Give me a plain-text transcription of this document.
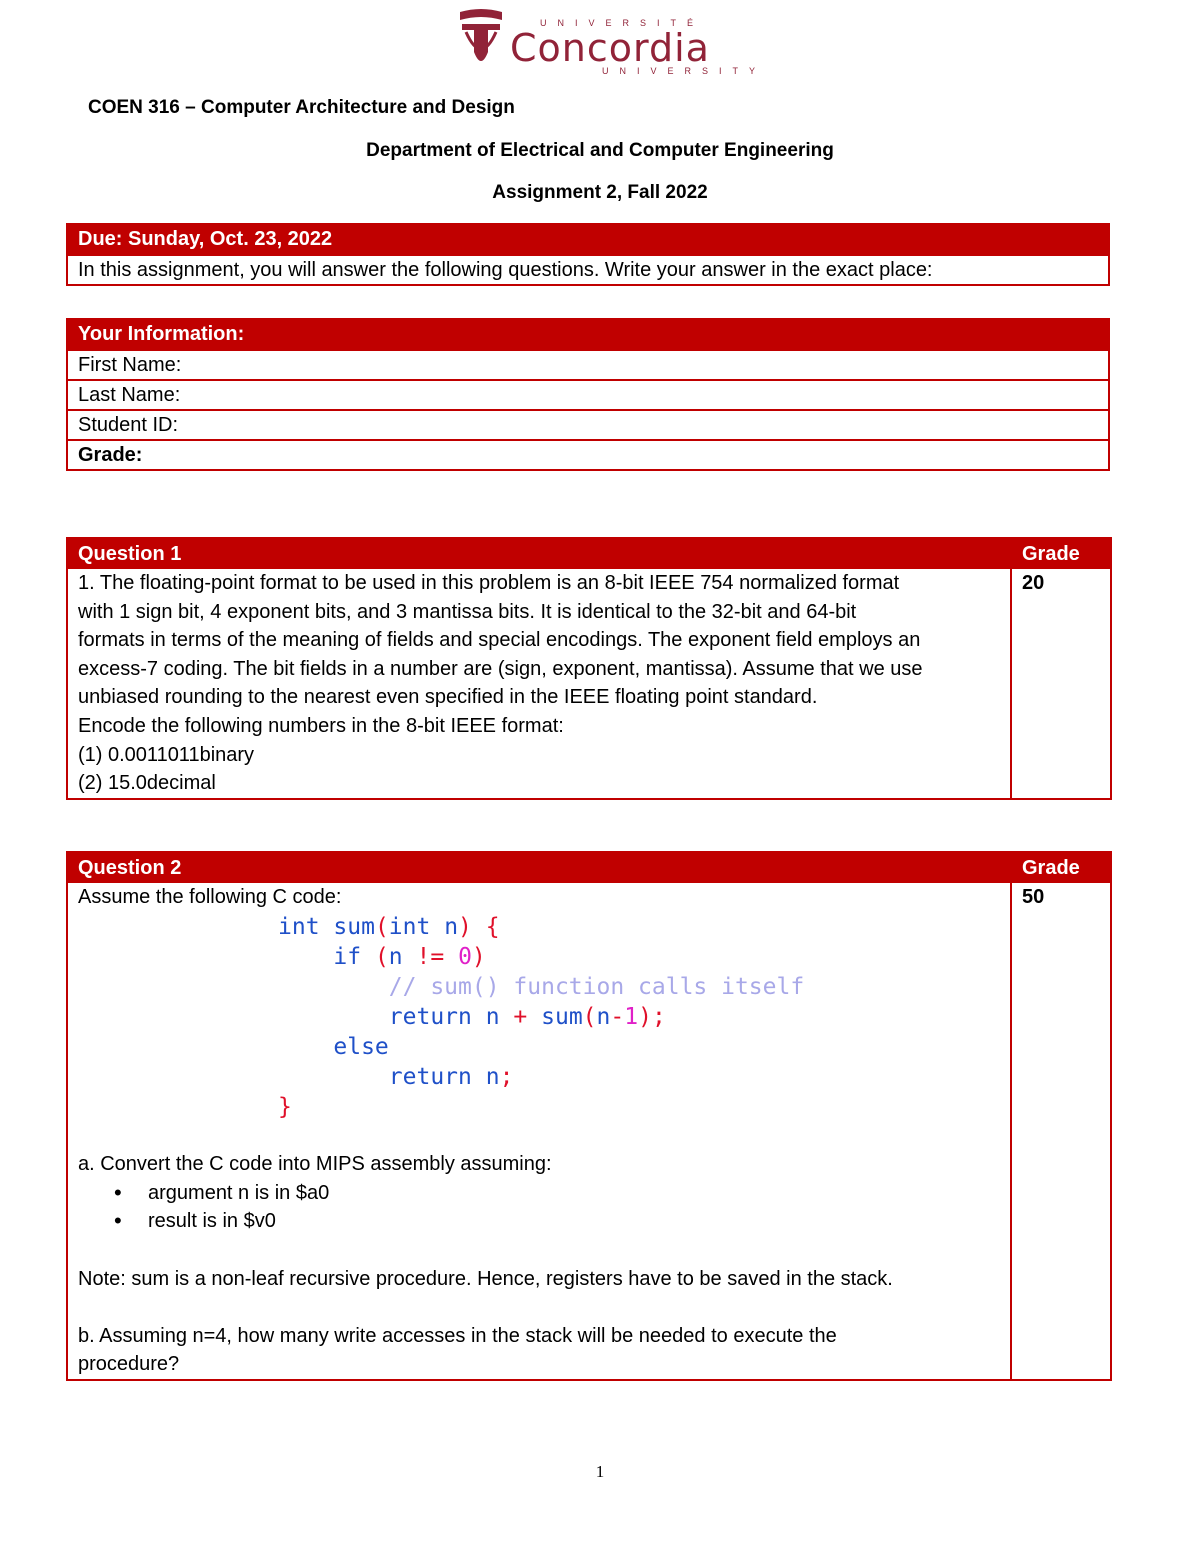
UNIVERSITÉ
Concordia
UNIVERSITY
COEN 316 – Computer Architecture and Design
Department of Electrical and Computer Engineering
Assignment 2, Fall 2022
Due: Sunday, Oct. 23, 2022
In this assignment, you will answer the following questions. Write your answer in the exact place:
Your Information:
First Name:
Last Name:
Student ID:
Grade:
Question 1	Grade

1. The floating-point format to be used in this problem is an 8-bit IEEE 754 normalized format

with 1 sign bit, 4 exponent bits, and 3 mantissa bits. It is identical to the 32-bit and 64-bit

formats in terms of the meaning of fields and special encodings. The exponent field employs an

excess-7 coding. The bit fields in a number are (sign, exponent, mantissa). Assume that we use

unbiased rounding to the nearest even specified in the IEEE floating point standard.

Encode the following numbers in the 8-bit IEEE format:

(1) 0.0011011binary

(2) 15.0decimal

20
Question 2	Grade

Assume the following C code:

int sum(int n) {
if (n != 0)
// sum() function calls itself
return n + sum(n-1);
else
return n;
}

a. Convert the C code into MIPS assembly assuming:

• argument n is in $a0
• result is in $v0

Note: sum is a non-leaf recursive procedure. Hence, registers have to be saved in the stack.

b. Assuming n=4, how many write accesses in the stack will be needed to execute the

procedure?

50
1
